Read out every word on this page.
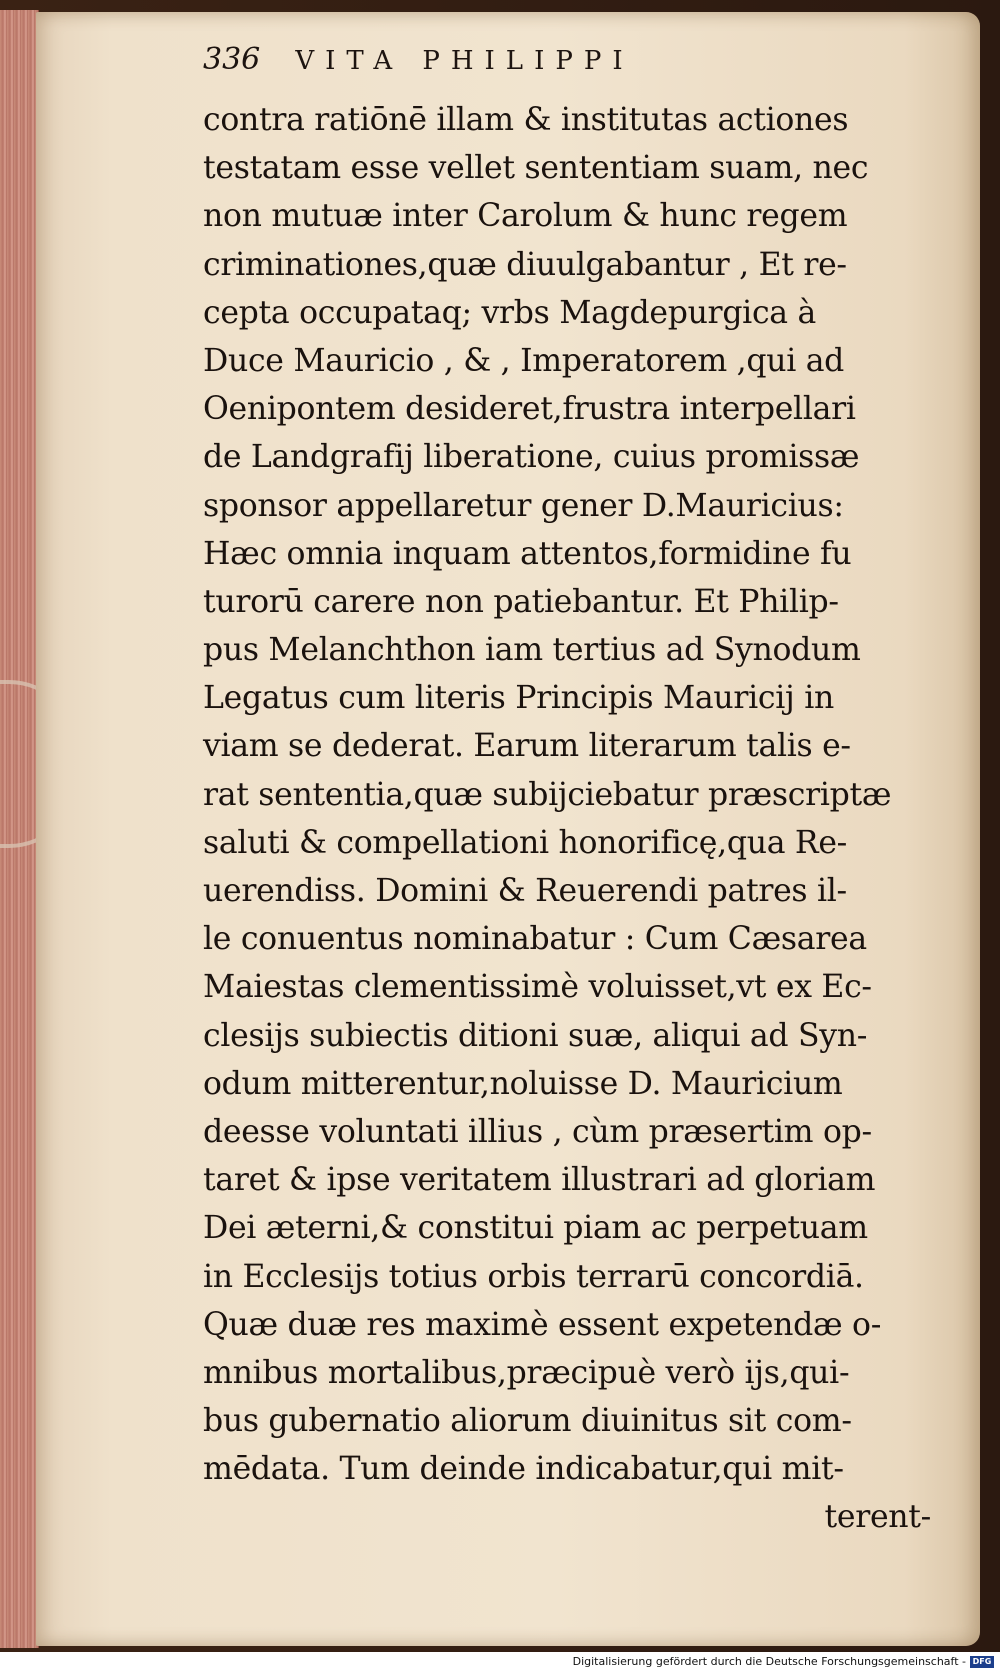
336 VITA PHILIPPI
contra ratiōnē illam & institutas actiones
testatam esse vellet sententiam suam, nec
non mutuæ inter Carolum & hunc regem
criminationes,quæ diuulgabantur , Et re-
cepta occupataq; vrbs Magdepurgica à
Duce Mauricio , & , Imperatorem ,qui ad
Oenipontem desideret,frustra interpellari
de Landgrafij liberatione, cuius promissæ
sponsor appellaretur gener D.Mauricius:
Hæc omnia inquam attentos,formidine fu
turorū carere non patiebantur. Et Philip-
pus Melanchthon iam tertius ad Synodum
Legatus cum literis Principis Mauricij in
viam se dederat. Earum literarum talis e-
rat sententia,quæ subijciebatur præscriptæ
saluti & compellationi honorificę,qua Re-
uerendiss. Domini & Reuerendi patres il-
le conuentus nominabatur : Cum Cæsarea
Maiestas clementissimè voluisset,vt ex Ec-
clesijs subiectis ditioni suæ, aliqui ad Syn-
odum mitterentur,noluisse D. Mauricium
deesse voluntati illius , cùm præsertim op-
taret & ipse veritatem illustrari ad gloriam
Dei æterni,& constitui piam ac perpetuam
in Ecclesijs totius orbis terrarū concordiā.
Quæ duæ res maximè essent expetendæ o-
mnibus mortalibus,præcipuè verò ijs,qui-
bus gubernatio aliorum diuinitus sit com-
mēdata. Tum deinde indicabatur,qui mit-
terent-
Digitalisierung gefördert durch die Deutsche Forschungsgemeinschaft - DFG
